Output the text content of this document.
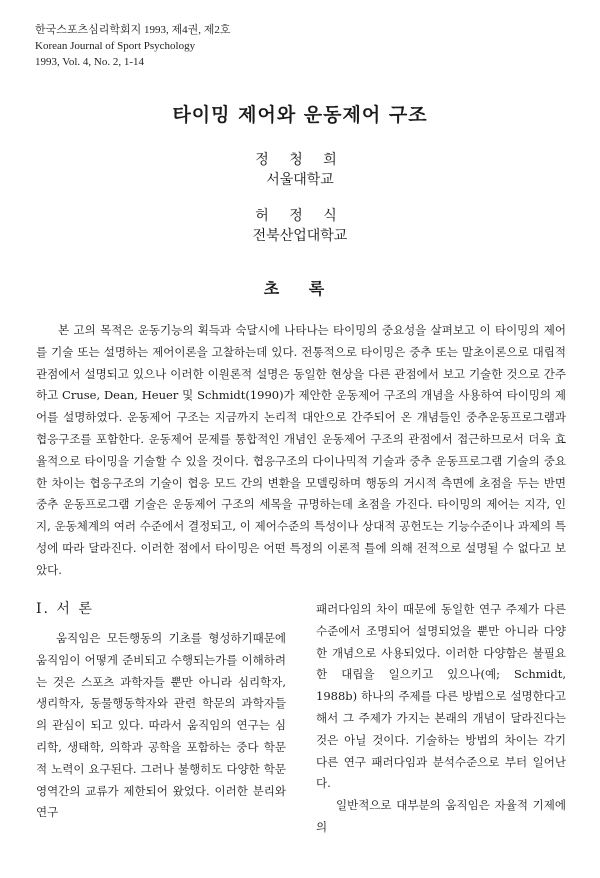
한국스포츠심리학회지 1993, 제4권, 제2호
Korean Journal of Sport Psychology
1993, Vol. 4, No. 2, 1-14
타이밍 제어와 운동제어 구조
정 청 희
서울대학교
허 정 식
전북산업대학교
초 록

본 고의 목적은 운동기능의 획득과 숙달시에 나타나는 타이밍의 중요성을 살펴보고 이 타이밍의 제어를 기술 또는 설명하는 제어이론을 고찰하는데 있다. 전통적으로 타이밍은 중추 또는 말초이론으로 대립적 관점에서 설명되고 있으나 이러한 이원론적 설명은 동일한 현상을 다른 관점에서 보고 기술한 것으로 간주하고 Cruse, Dean, Heuer 및 Schmidt(1990)가 제안한 운동제어 구조의 개념을 사용하여 타이밍의 제어를 설명하였다. 운동제어 구조는 지금까지 논리적 대안으로 간주되어 온 개념들인 중추운동프로그램과 협응구조를 포함한다. 운동제어 문제를 통합적인 개념인 운동제어 구조의 관점에서 접근하므로서 더욱 효율적으로 타이밍을 기술할 수 있을 것이다. 협응구조의 다이나믹적 기술과 중추 운동프로그램 기술의 중요한 차이는 협응구조의 기술이 협응 모드 간의 변환을 모델링하며 행동의 거시적 측면에 초점을 두는 반면 중추 운동프로그램 기술은 운동제어 구조의 세목을 규명하는데 초점을 가진다. 타이밍의 제어는 지각, 인지, 운동체계의 여러 수준에서 결정되고, 이 제어수준의 특성이나 상대적 공헌도는 기능수준이나 과제의 특성에 따라 달라진다. 이러한 점에서 타이밍은 어떤 특정의 이론적 틀에 의해 전적으로 설명될 수 없다고 보았다.

I. 서 론

움직임은 모든행동의 기초를 형성하기때문에 움직임이 어떻게 준비되고 수행되는가를 이해하려는 것은 스포츠 과학자들 뿐만 아니라 심리학자, 생리학자, 동물행동학자와 관련 학문의 과학자들의 관심이 되고 있다. 따라서 움직임의 연구는 심리학, 생태학, 의학과 공학을 포함하는 중다 학문적 노력이 요구된다. 그러나 불행히도 다양한 학문 영역간의 교류가 제한되어 왔었다. 이러한 분리와 연구

패러다임의 차이 때문에 동일한 연구 주제가 다른 수준에서 조명되어 설명되었을 뿐만 아니라 다양한 개념으로 사용되었다. 이러한 다양함은 불필요한 대립을 일으키고 있으나(예; Schmidt, 1988b) 하나의 주제를 다른 방법으로 설명한다고 해서 그 주제가 가지는 본래의 개념이 달라진다는 것은 아닐 것이다. 기술하는 방법의 차이는 각기 다른 연구 패러다임과 분석수준으로 부터 일어난다.

일반적으로 대부분의 움직임은 자율적 기제에 의
